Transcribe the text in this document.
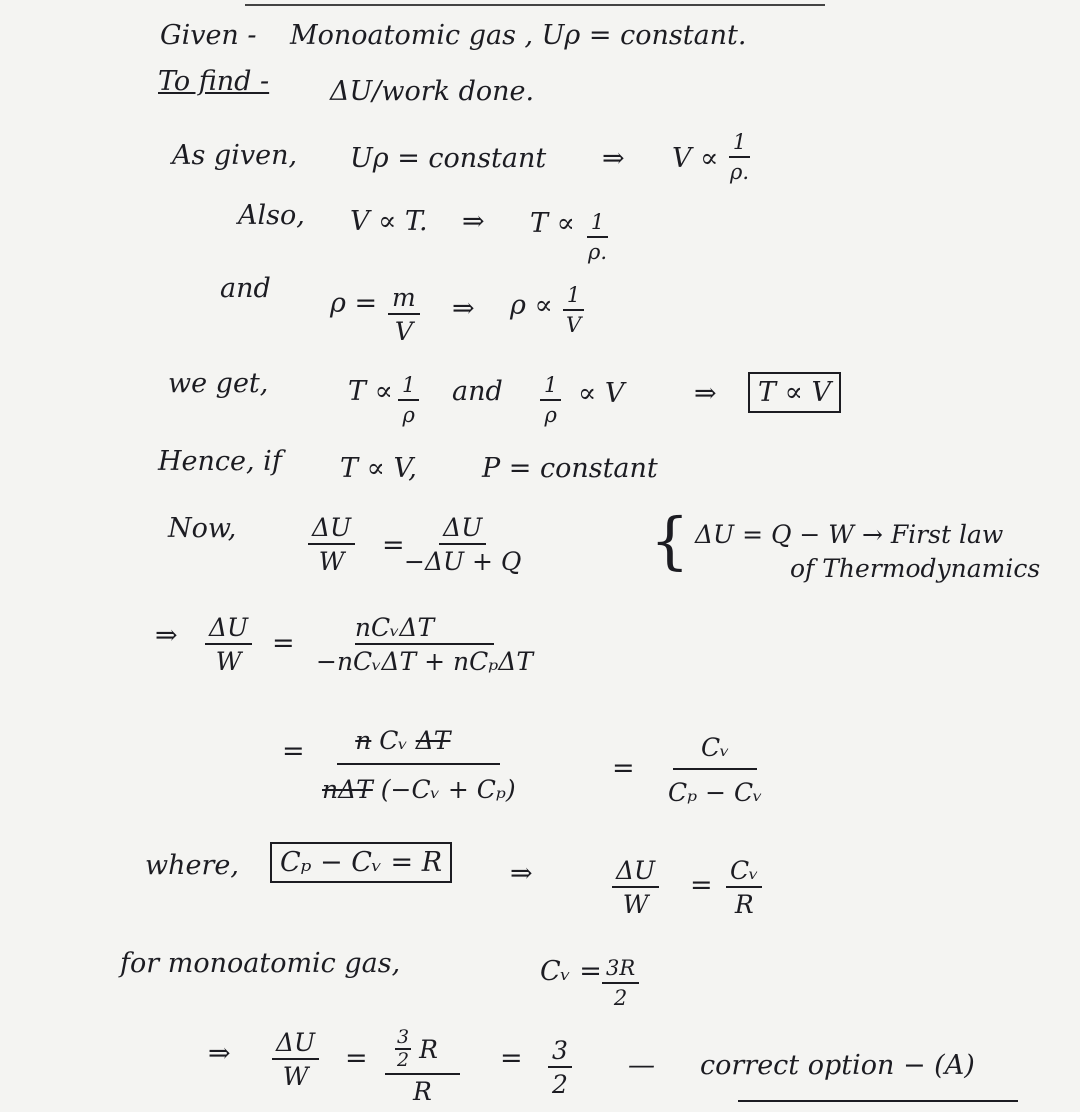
Given - Monoatomic gas , Uρ = constant.
To find - ΔU/work done.
As given, Uρ = constant ⇒ $V \propto \frac{1}{\rho.}$
Also, V ∝ T. ⇒ $T \propto \frac{1}{\rho.}$
and $\rho = \frac{m}{V}$ ⇒ $\rho \propto \frac{1}{V}$
we get,	$T \propto \frac{1}{\rho}$ and $\frac{1}{\rho} \propto V$	⇒	T ∝ V
Hence, if T ∝ V, P = constant
Now,	$\frac{\Delta U}{W}$ =
$\frac{\Delta U}{-\Delta U + Q}$ { ΔU = Q − W → First law
of Thermodynamics
⇒ $\frac{\Delta U}{W}$ =
nCᵥΔT
−nCᵥΔT + nCₚΔT
=	n Cᵥ ΔT
nΔT (−Cᵥ + Cₚ)
= $\frac{\text{Cᵥ}}{\text{Cₚ − Cᵥ}}$
where,	Cₚ − Cᵥ = R	⇒	$\frac{\Delta U}{W} = \frac{\text{Cᵥ}}{R}$
for monoatomic gas,	Cᵥ = $\frac{3R}{2}$
⇒ $\frac{\Delta U}{W} = 3$
2 R
$R = \frac{3}{2}$ — correct option − (A)
